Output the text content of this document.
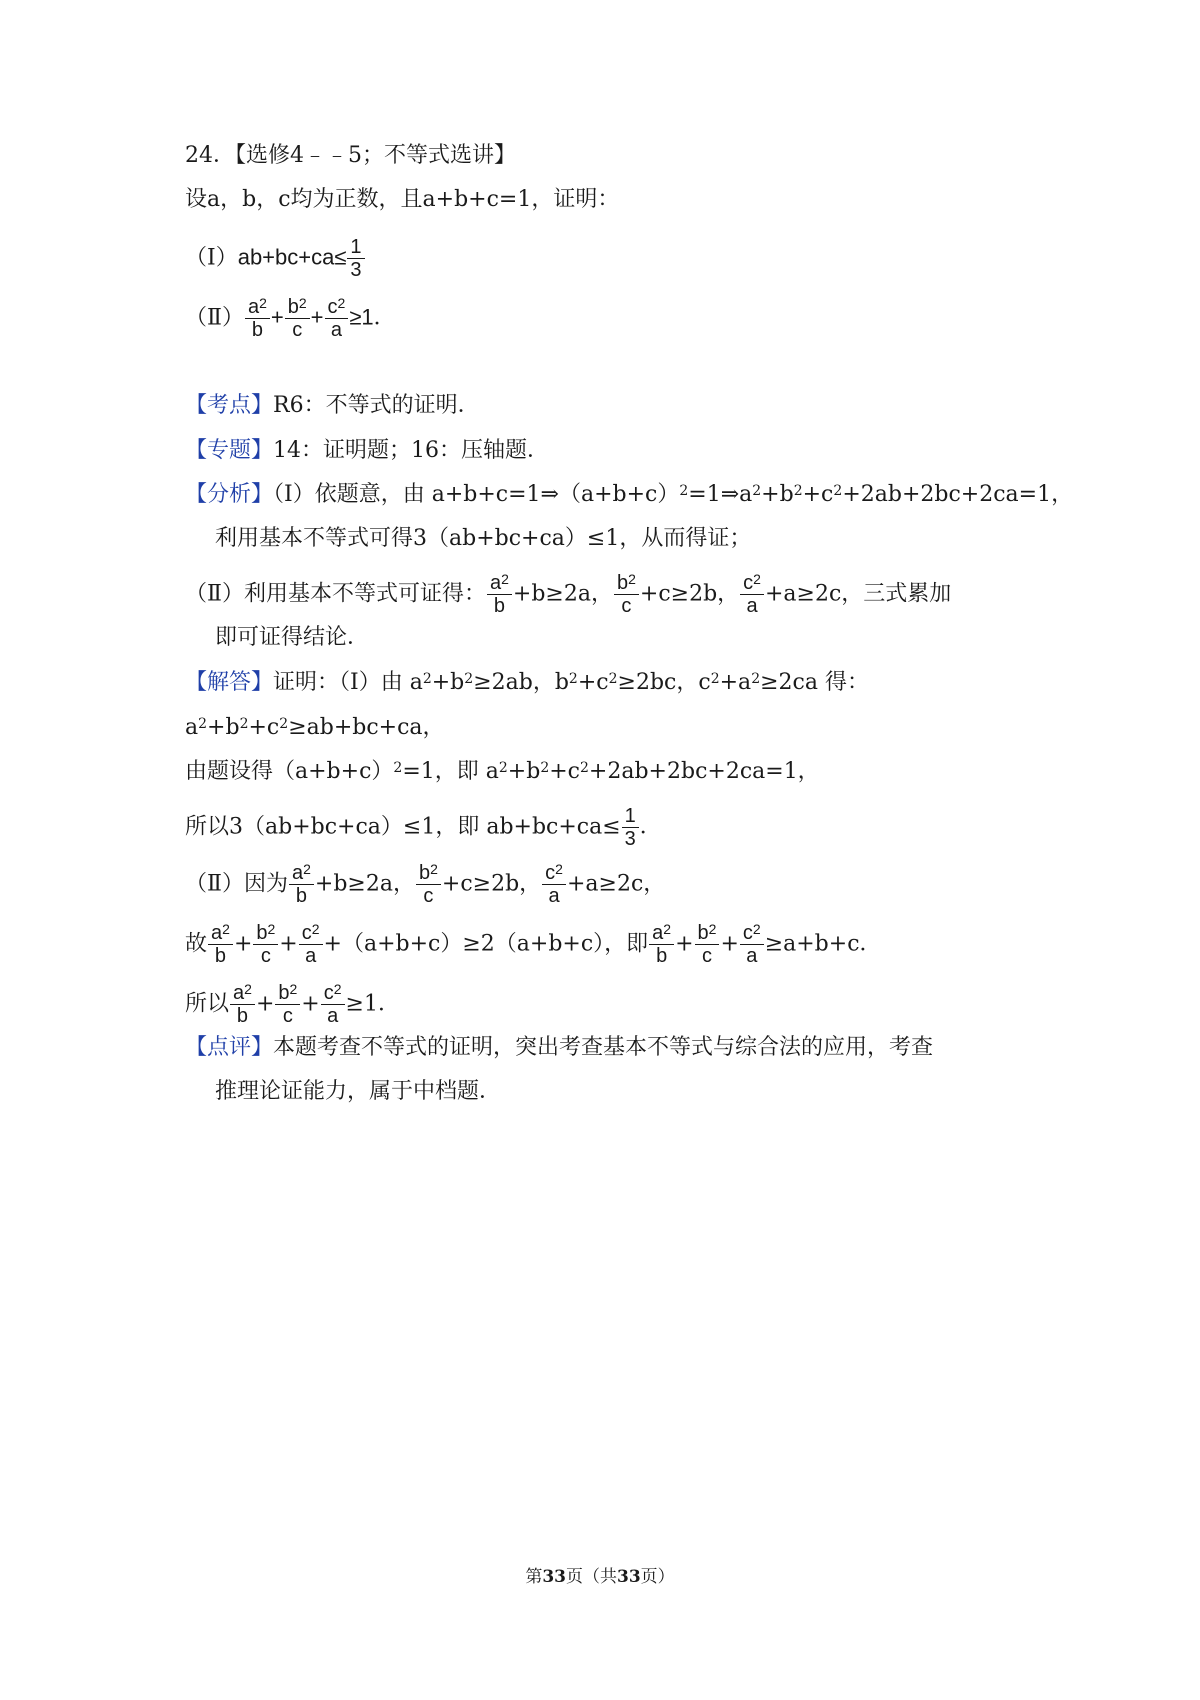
24．【选修4﹣﹣5；不等式选讲】
设a，b，c均为正数，且a+b+c=1，证明：
（Ⅰ）ab+bc+ca≤ $\frac{1}{3}$
（Ⅱ） $\frac{a^2}{b} + \frac{b^2}{c} + \frac{c^2}{a} \ge 1$．
【考点】R6：不等式的证明．
【专题】14：证明题；16：压轴题．
【分析】（Ⅰ）依题意，由 $a+b+c=1\Rightarrow(a+b+c)^2=1\Rightarrow a^2+b^2+c^2+2ab+2bc+2ca=1$，
利用基本不等式可得3（ab+bc+ca）≤1，从而得证；
（Ⅱ）利用基本不等式可证得： $\frac{a^2}{b} +b\ge 2a$， $\frac{b^2}{c} +c\ge 2b$， $\frac{c^2}{a} +a\ge 2c$，三式累加
即可证得结论．
【解答】证明：（Ⅰ）由 $a^2+b^2\ge 2ab$，$b^2+c^2\ge 2bc$，$c^2+a^2\ge 2ca$ 得：
$a^2+b^2+c^2\ge ab+bc+ca$，
由题设得$(a+b+c)^2=1$，即 $a^2+b^2+c^2+2ab+2bc+2ca=1$，
所以3（ab+bc+ca）≤1，即 $ab+bc+ca\le \frac{1}{3}$ ．
（Ⅱ）因为 $\frac{a^2}{b} +b\ge 2a$， $\frac{b^2}{c} +c\ge 2b$， $\frac{c^2}{a} +a\ge 2c$，
故 $\frac{a^2}{b} + \frac{b^2}{c} + \frac{c^2}{a} +(a+b+c)\ge 2(a+b+c)$，即 $\frac{a^2}{b} + \frac{b^2}{c} + \frac{c^2}{a} \ge a+b+c$．
所以 $\frac{a^2}{b} + \frac{b^2}{c} + \frac{c^2}{a} \ge 1$．
【点评】本题考查不等式的证明，突出考查基本不等式与综合法的应用，考查
推理论证能力，属于中档题．
第33页（共33页）
